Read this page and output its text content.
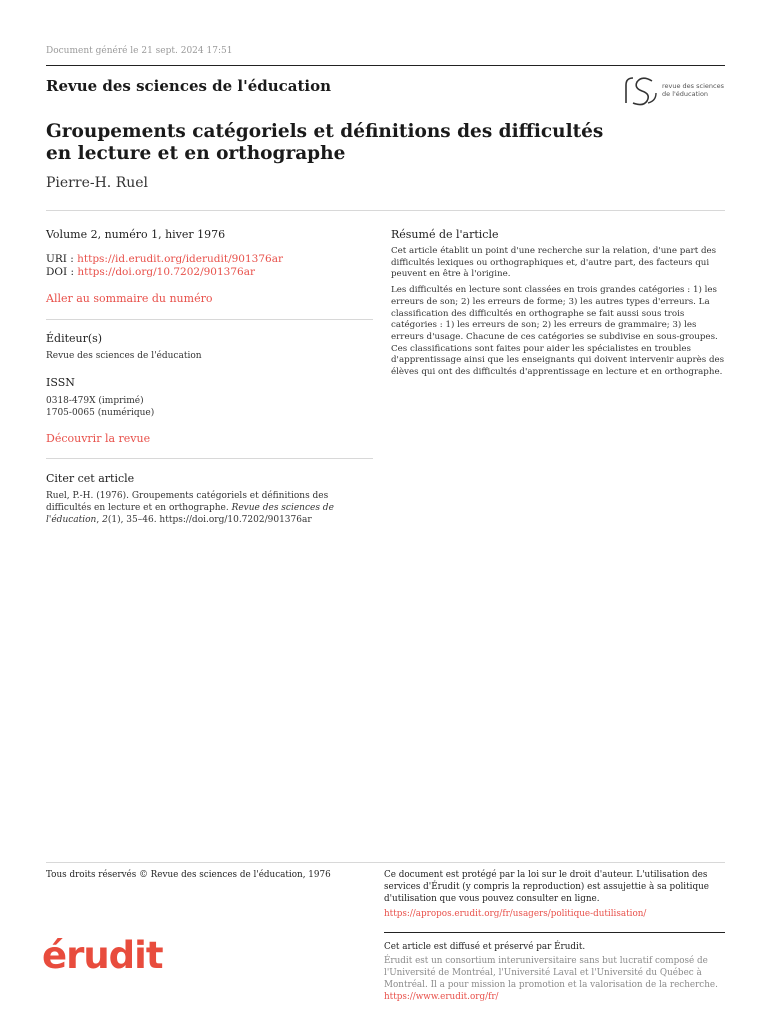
Document généré le 21 sept. 2024 17:51
Revue des sciences de l'éducation	revue des sciences
de l'éducation
Groupements catégoriels et définitions des difficultés en lecture et en orthographe
Pierre-H. Ruel
Volume 2, numéro 1, hiver 1976
URI : https://id.erudit.org/iderudit/901376ar
DOI : https://doi.org/10.7202/901376ar
Aller au sommaire du numéro
Éditeur(s)
Revue des sciences de l'éducation
ISSN
0318-479X (imprimé)
1705-0065 (numérique)
Découvrir la revue
Citer cet article
Ruel, P.-H. (1976). Groupements catégoriels et définitions des difficultés en lecture et en orthographe. Revue des sciences de l'éducation, 2(1), 35–46. https://doi.org/10.7202/901376ar
Résumé de l'article

Cet article établit un point d'une recherche sur la relation, d'une part des difficultés lexiques ou orthographiques et, d'autre part, des facteurs qui peuvent en être à l'origine.

Les difficultés en lecture sont classées en trois grandes catégories : 1) les erreurs de son; 2) les erreurs de forme; 3) les autres types d'erreurs. La classification des difficultés en orthographe se fait aussi sous trois catégories : 1) les erreurs de son; 2) les erreurs de grammaire; 3) les erreurs d'usage. Chacune de ces catégories se subdivise en sous-groupes. Ces classifications sont faites pour aider les spécialistes en troubles d'apprentissage ainsi que les enseignants qui doivent intervenir auprès des élèves qui ont des difficultés d'apprentissage en lecture et en orthographe.

Tous droits réservés © Revue des sciences de l'éducation, 1976	Ce document est protégé par la loi sur le droit d'auteur. L'utilisation des services d'Érudit (y compris la reproduction) est assujettie à sa politique d'utilisation que vous pouvez consulter en ligne.
https://apropos.erudit.org/fr/usagers/politique-dutilisation/
érudit	Cet article est diffusé et préservé par Érudit.
Érudit est un consortium interuniversitaire sans but lucratif composé de l'Université de Montréal, l'Université Laval et l'Université du Québec à Montréal. Il a pour mission la promotion et la valorisation de la recherche.
https://www.erudit.org/fr/
